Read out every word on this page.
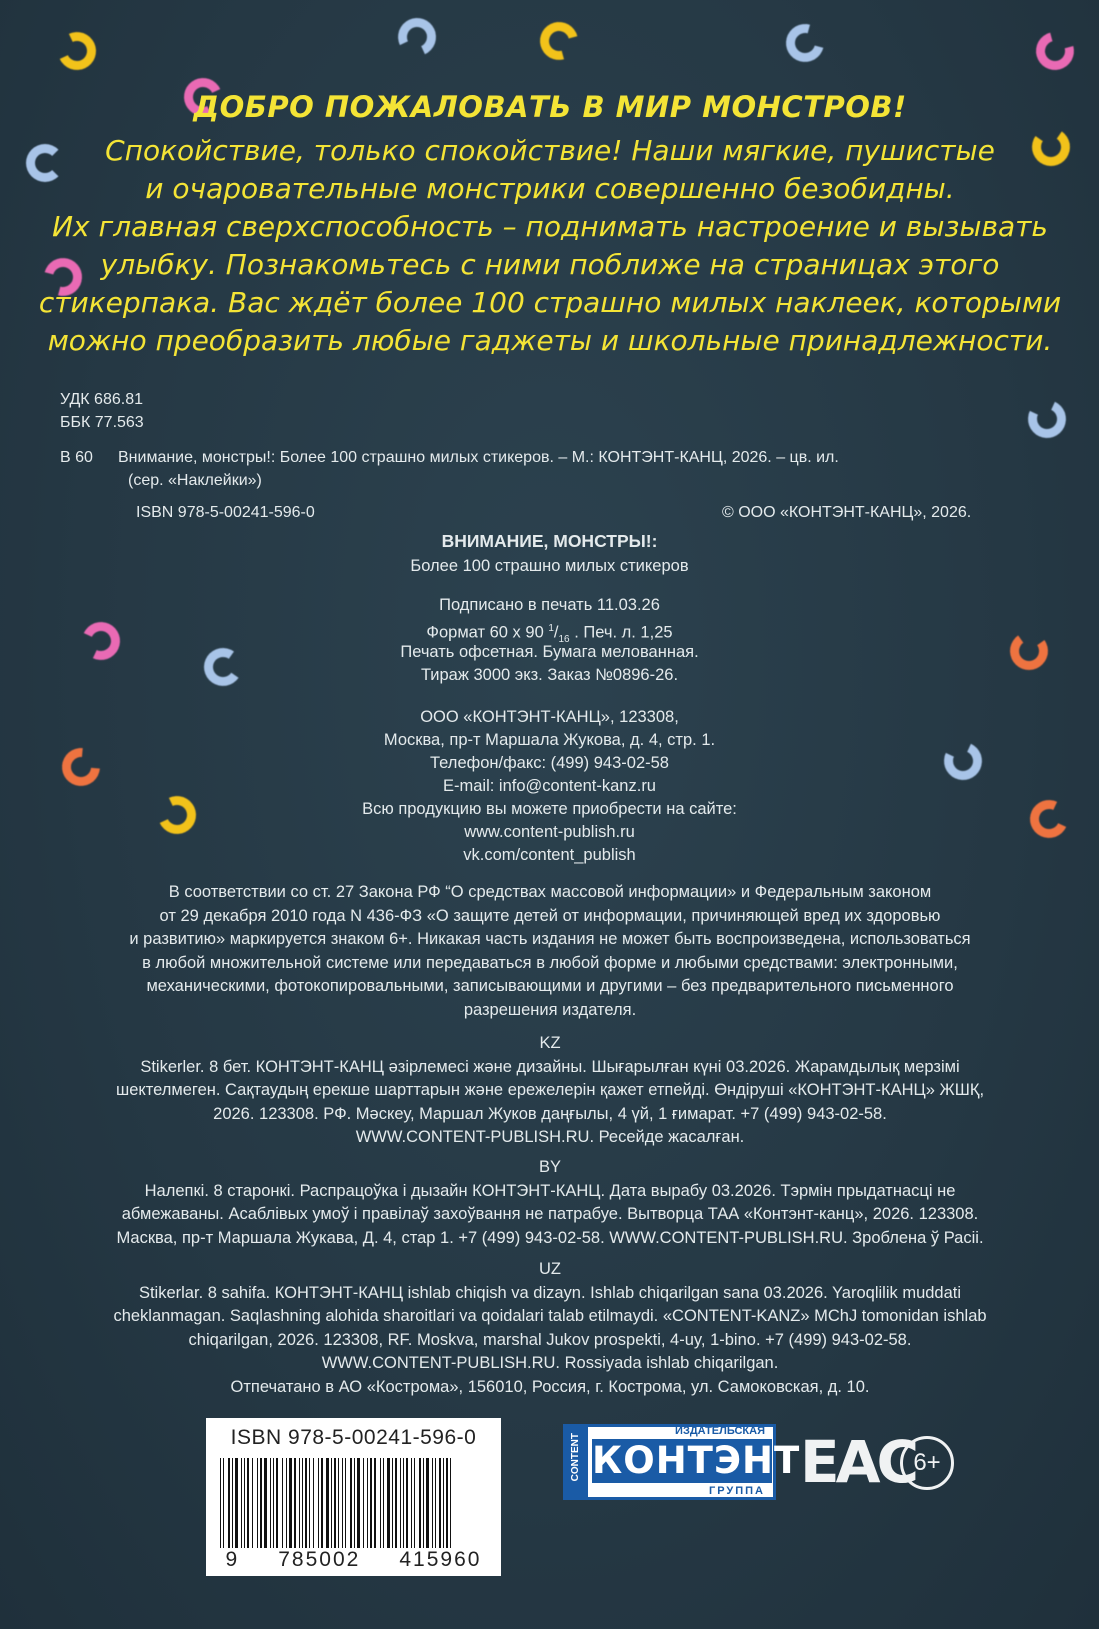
ДОБРО ПОЖАЛОВАТЬ В МИР МОНСТРОВ!
Спокойствие, только спокойствие! Наши мягкие, пушистые
и очаровательные монстрики совершенно безобидны.
Их главная сверхспособность – поднимать настроение и вызывать
улыбку. Познакомьтесь с ними поближе на страницах этого
стикерпака. Вас ждёт более 100 страшно милых наклеек, которыми
можно преобразить любые гаджеты и школьные принадлежности.
УДК 686.81
ББК 77.563
В 60 Внимание, монстры!: Более 100 страшно милых стикеров. – М.: КОНТЭНТ-КАНЦ, 2026. – цв. ил.
(сер. «Наклейки»)
ISBN 978-5-00241-596-0	© ООО «КОНТЭНТ-КАНЦ», 2026.
ВНИМАНИЕ, МОНСТРЫ!:
Более 100 страшно милых стикеров
Подписано в печать 11.03.26
Формат 60 х 90 $^1/_{16}$ . Печ. л. 1,25
Печать офсетная. Бумага мелованная.
Тираж 3000 экз. Заказ №0896-26.
ООО «КОНТЭНТ-КАНЦ», 123308,
Москва, пр-т Маршала Жукова, д. 4, стр. 1.
Телефон/факс: (499) 943-02-58
E-mail: info@content-kanz.ru
Всю продукцию вы можете приобрести на сайте:
www.content-publish.ru
vk.com/content_publish
В соответствии со ст. 27 Закона РФ “О средствах массовой информации» и Федеральным законом
от 29 декабря 2010 года N 436-ФЗ «О защите детей от информации, причиняющей вред их здоровью
и развитию» маркируется знаком 6+. Никакая часть издания не может быть воспроизведена, использоваться
в любой множительной системе или передаваться в любой форме и любыми средствами: электронными,
механическими, фотокопировальными, записывающими и другими – без предварительного письменного
разрешения издателя.
KZ
Stikerler. 8 бет. КОНТЭНТ-КАНЦ әзірлемесі және дизайны. Шығарылған күні 03.2026. Жарамдылық мерзімі
шектелмеген. Сақтаудың ерекше шарттарын және ережелерін қажет етпейді. Өндіруші «КОНТЭНТ-КАНЦ» ЖШҚ,
2026. 123308. РФ. Мәскеу, Маршал Жуков даңғылы, 4 үй, 1 ғимарат. +7 (499) 943-02-58.
WWW.CONTENT-PUBLISH.RU. Ресейде жасалған.
BY
Налепкі. 8 старонкі. Распрацоўка і дызайн КОНТЭНТ-КАНЦ. Дата вырабу 03.2026. Тэрмін прыдатнасці не
абмежаваны. Асаблівых умоў і правілаў захоўвання не патрабуе. Вытворца ТАА «Контэнт-канц», 2026. 123308.
Масква, пр-т Маршала Жукава, Д. 4, стар 1. +7 (499) 943-02-58. WWW.CONTENT-PUBLISH.RU. Зроблена ў Расіі.
UZ
Stikerlar. 8 sahifa. КОНТЭНТ-КАНЦ ishlab chiqish va dizayn. Ishlab chiqarilgan sana 03.2026. Yaroqlilik muddati
cheklanmagan. Saqlashning alohida sharoitlari va qoidalari talab etilmaydi. «CONTENT-KANZ» MChJ tomonidan ishlab
chiqarilgan, 2026. 123308, RF. Moskva, marshal Jukov prospekti, 4-uy, 1-bino. +7 (499) 943-02-58.
WWW.CONTENT-PUBLISH.RU. Rossiyada ishlab chiqarilgan.
Отпечатано в АО «Кострома», 156010, Россия, г. Кострома, ул. Самоковская, д. 10.
ISBN 978-5-00241-596-0
9 785002 415960
CONTENT
ИЗДАТЕЛЬСКАЯ
КОНТЭНТ
ГРУППА EAC
6+
